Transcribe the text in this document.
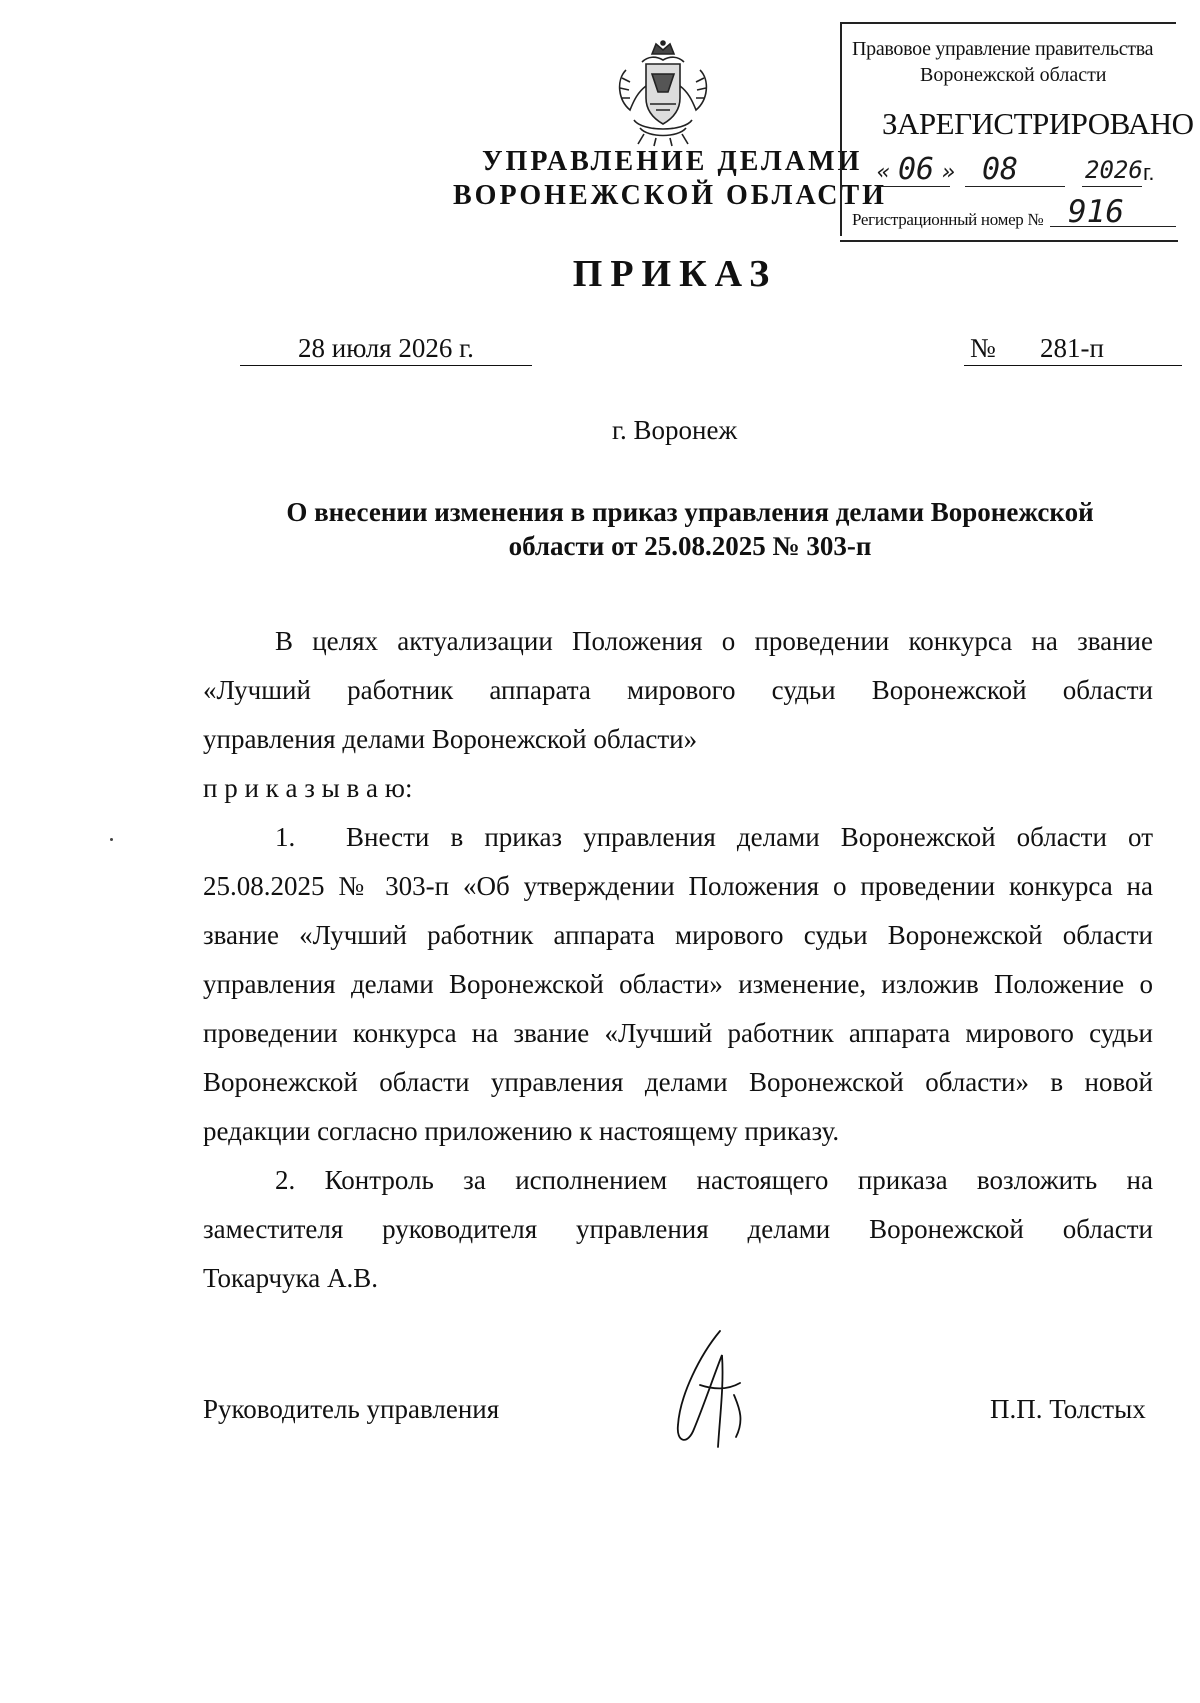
УПРАВЛЕНИЕ ДЕЛАМИ
ВОРОНЕЖСКОЙ ОБЛАСТИ
Правовое управление правительства
Воронежской области
ЗАРЕГИСТРИРОВАНО
« 06 » 08	2026 г.
Регистрационный номер № 916
ПРИКАЗ
28 июля 2026 г.	№ 281-п
г. Воронеж
О внесении изменения в приказ управления делами Воронежской
области от 25.08.2025 № 303-п
В целях актуализации Положения о проведении конкурса на звание
«Лучший работник аппарата мирового судьи Воронежской области
управления делами Воронежской области»
п р и к а з ы в а ю:
1. Внести в приказ управления делами Воронежской области от
25.08.2025 № 303-п «Об утверждении Положения о проведении конкурса на
звание «Лучший работник аппарата мирового судьи Воронежской области
управления делами Воронежской области» изменение, изложив Положение о
проведении конкурса на звание «Лучший работник аппарата мирового судьи
Воронежской области управления делами Воронежской области» в новой
редакции согласно приложению к настоящему приказу.
2. Контроль за исполнением настоящего приказа возложить на
заместителя руководителя управления делами Воронежской области
Токарчука А.В.
Руководитель управления	П.П. Толстых
